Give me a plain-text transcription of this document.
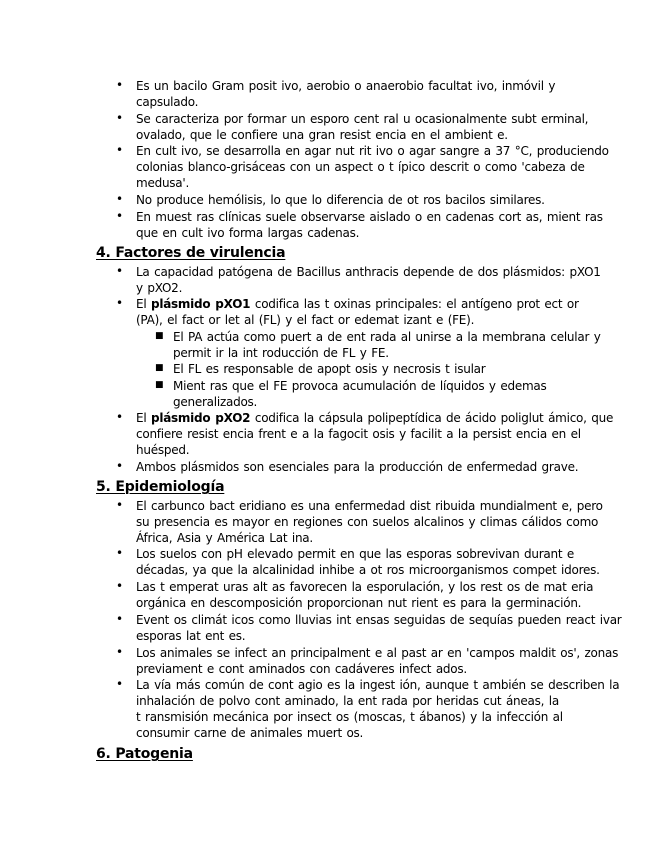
• Es un bacilo Gram posit ivo, aerobio o anaerobio facultat ivo, inmóvil y
capsulado.
• Se caracteriza por formar un esporo cent ral u ocasionalmente subt erminal,
ovalado, que le confiere una gran resist encia en el ambient e.
• En cult ivo, se desarrolla en agar nut rit ivo o agar sangre a 37 °C, produciendo
colonias blanco-grisáceas con un aspect o t ípico descrit o como 'cabeza de
medusa'.
• No produce hemólisis, lo que lo diferencia de ot ros bacilos similares.
• En muest ras clínicas suele observarse aislado o en cadenas cort as, mient ras
que en cult ivo forma largas cadenas.
4. Factores de virulencia
• La capacidad patógena de Bacillus anthracis depende de dos plásmidos: pXO1
y pXO2.
• El plásmido pXO1 codifica las t oxinas principales: el antígeno prot ect or
(PA), el fact or let al (FL) y el fact or edemat izant e (FE).
■ El PA actúa como puert a de ent rada al unirse a la membrana celular y
permit ir la int roducción de FL y FE.
■ El FL es responsable de apopt osis y necrosis t isular
■ Mient ras que el FE provoca acumulación de líquidos y edemas
generalizados.
• El plásmido pXO2 codifica la cápsula polipeptídica de ácido poliglut ámico, que
confiere resist encia frent e a la fagocit osis y facilit a la persist encia en el
huésped.
• Ambos plásmidos son esenciales para la producción de enfermedad grave.
5. Epidemiología
• El carbunco bact eridiano es una enfermedad dist ribuida mundialment e, pero
su presencia es mayor en regiones con suelos alcalinos y climas cálidos como
África, Asia y América Lat ina.
• Los suelos con pH elevado permit en que las esporas sobrevivan durant e
décadas, ya que la alcalinidad inhibe a ot ros microorganismos compet idores.
• Las t emperat uras alt as favorecen la esporulación, y los rest os de mat eria
orgánica en descomposición proporcionan nut rient es para la germinación.
• Event os climát icos como lluvias int ensas seguidas de sequías pueden react ivar
esporas lat ent es.
• Los animales se infect an principalment e al past ar en 'campos maldit os', zonas
previament e cont aminados con cadáveres infect ados.
• La vía más común de cont agio es la ingest ión, aunque t ambién se describen la
inhalación de polvo cont aminado, la ent rada por heridas cut áneas, la
t ransmisión mecánica por insect os (moscas, t ábanos) y la infección al
consumir carne de animales muert os.
6. Patogenia
